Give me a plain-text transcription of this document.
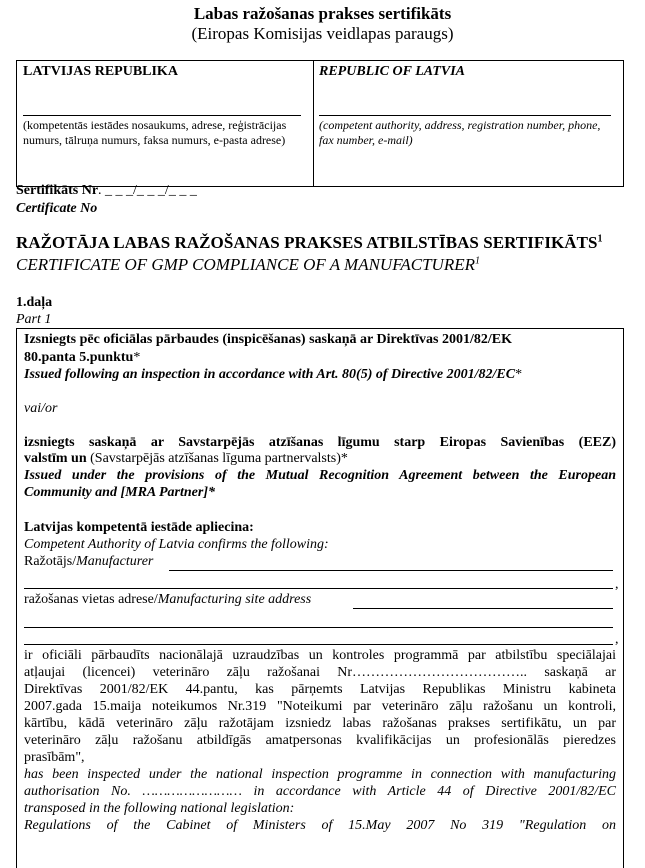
Labas ražošanas prakses sertifikāts
(Eiropas Komisijas veidlapas paraugs)
LATVIJAS REPUBLIKA	REPUBLIC OF LATVIA
(kompetentās iestādes nosaukums, adrese, reģistrācijas numurs, tālruņa numurs, faksa numurs, e-pasta adrese)
(competent authority, address, registration number, phone, fax number, e-mail)
Sertifikāts Nr. _ _ _/_ _ _/_ _ _
Certificate No
RAŽOTĀJA LABAS RAŽOŠANAS PRAKSES ATBILSTĪBAS SERTIFIKĀTS$^1$
CERTIFICATE OF GMP COMPLIANCE OF A MANUFACTURER$^1$
1.daļa
Part 1
Izsniegts pēc oficiālas pārbaudes (inspicēšanas) saskaņā ar Direktīvas 2001/82/EK
80.panta 5.punktu*
Issued following an inspection in accordance with Art. 80(5) of Directive 2001/82/EC*
vai/or
izsniegts saskaņā ar Savstarpējās atzīšanas līgumu starp Eiropas Savienības (EEZ)
valstīm un (Savstarpējās atzīšanas līguma partnervalsts)*
Issued under the provisions of the Mutual Recognition Agreement between the European
Community and [MRA Partner]*
Latvijas kompetentā iestāde apliecina:
Competent Authority of Latvia confirms the following:
Ražotājs/Manufacturer
,
ražošanas vietas adrese/Manufacturing site address
,
ir oficiāli pārbaudīts nacionālajā uzraudzības un kontroles programmā par atbilstību speciālajai
atļaujai (licencei) veterināro zāļu ražošanai Nr……………………………….. saskaņā ar
Direktīvas 2001/82/EK 44.pantu, kas pārņemts Latvijas Republikas Ministru kabineta
2007.gada 15.maija noteikumos Nr.319 "Noteikumi par veterināro zāļu ražošanu un kontroli,
kārtību, kādā veterināro zāļu ražotājam izsniedz labas ražošanas prakses sertifikātu, un par
veterināro zāļu ražošanu atbildīgās amatpersonas kvalifikācijas un profesionālās pieredzes
prasībām",
has been inspected under the national inspection programme in connection with manufacturing
authorisation No. …………………… in accordance with Article 44 of Directive 2001/82/EC
transposed in the following national legislation:
Regulations of the Cabinet of Ministers of 15.May 2007 No 319 "Regulation on
